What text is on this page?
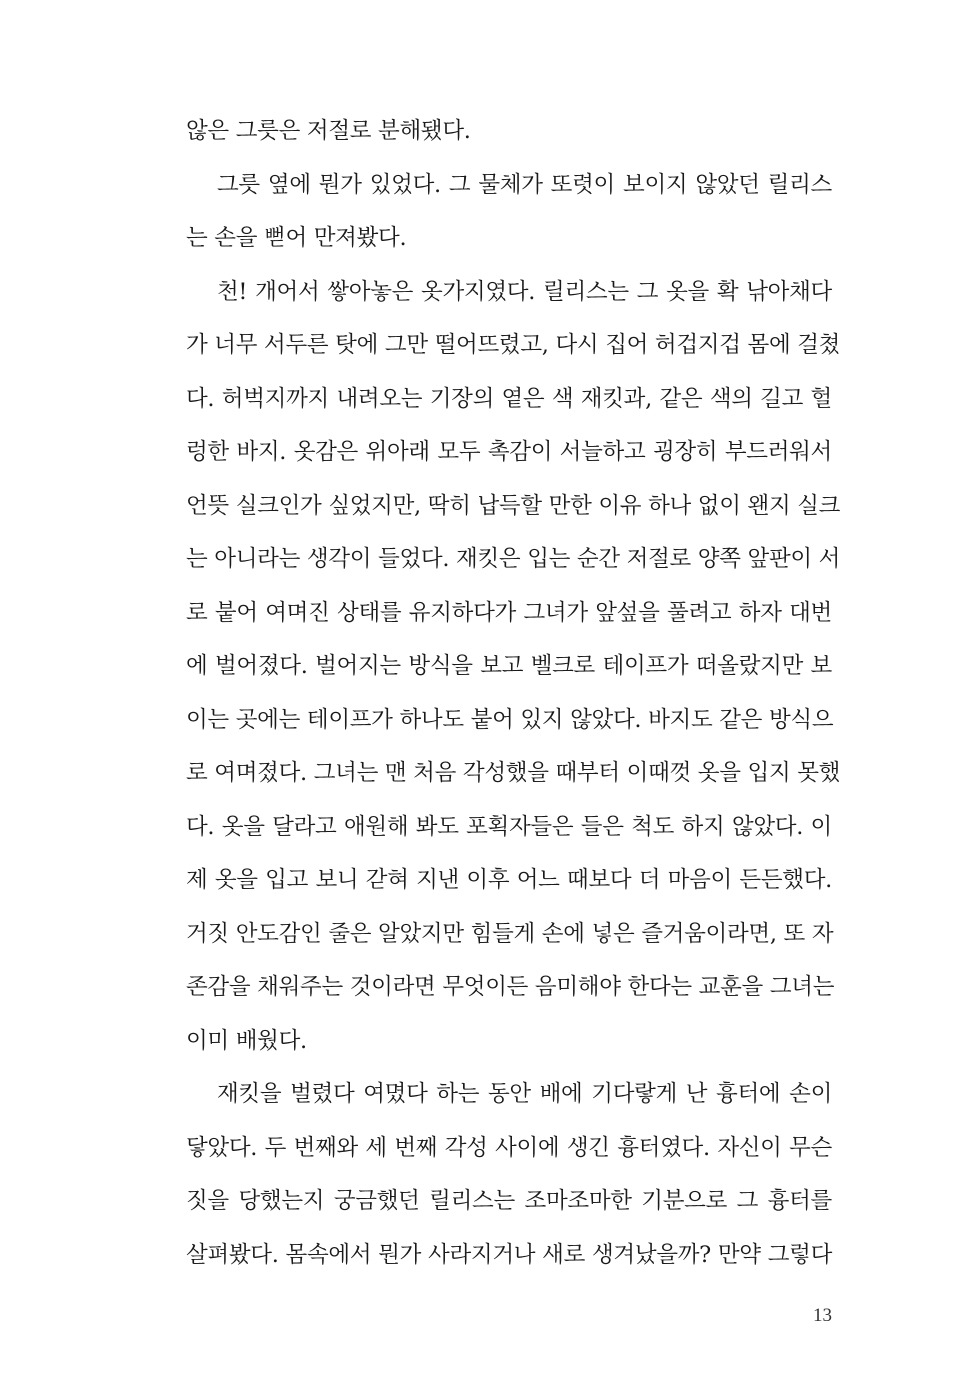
않은 그릇은 저절로 분해됐다.
그릇 옆에 뭔가 있었다. 그 물체가 또렷이 보이지 않았던 릴리스
는 손을 뻗어 만져봤다.
천! 개어서 쌓아놓은 옷가지였다. 릴리스는 그 옷을 확 낚아채다
가 너무 서두른 탓에 그만 떨어뜨렸고, 다시 집어 허겁지겁 몸에 걸쳤
다. 허벅지까지 내려오는 기장의 옅은 색 재킷과, 같은 색의 길고 헐
렁한 바지. 옷감은 위아래 모두 촉감이 서늘하고 굉장히 부드러워서
언뜻 실크인가 싶었지만, 딱히 납득할 만한 이유 하나 없이 왠지 실크
는 아니라는 생각이 들었다. 재킷은 입는 순간 저절로 양쪽 앞판이 서
로 붙어 여며진 상태를 유지하다가 그녀가 앞섶을 풀려고 하자 대번
에 벌어졌다. 벌어지는 방식을 보고 벨크로 테이프가 떠올랐지만 보
이는 곳에는 테이프가 하나도 붙어 있지 않았다. 바지도 같은 방식으
로 여며졌다. 그녀는 맨 처음 각성했을 때부터 이때껏 옷을 입지 못했
다. 옷을 달라고 애원해 봐도 포획자들은 들은 척도 하지 않았다. 이
제 옷을 입고 보니 갇혀 지낸 이후 어느 때보다 더 마음이 든든했다.
거짓 안도감인 줄은 알았지만 힘들게 손에 넣은 즐거움이라면, 또 자
존감을 채워주는 것이라면 무엇이든 음미해야 한다는 교훈을 그녀는
이미 배웠다.
재킷을 벌렸다 여몄다 하는 동안 배에 기다랗게 난 흉터에 손이
닿았다. 두 번째와 세 번째 각성 사이에 생긴 흉터였다. 자신이 무슨
짓을 당했는지 궁금했던 릴리스는 조마조마한 기분으로 그 흉터를
살펴봤다. 몸속에서 뭔가 사라지거나 새로 생겨났을까? 만약 그렇다
13
